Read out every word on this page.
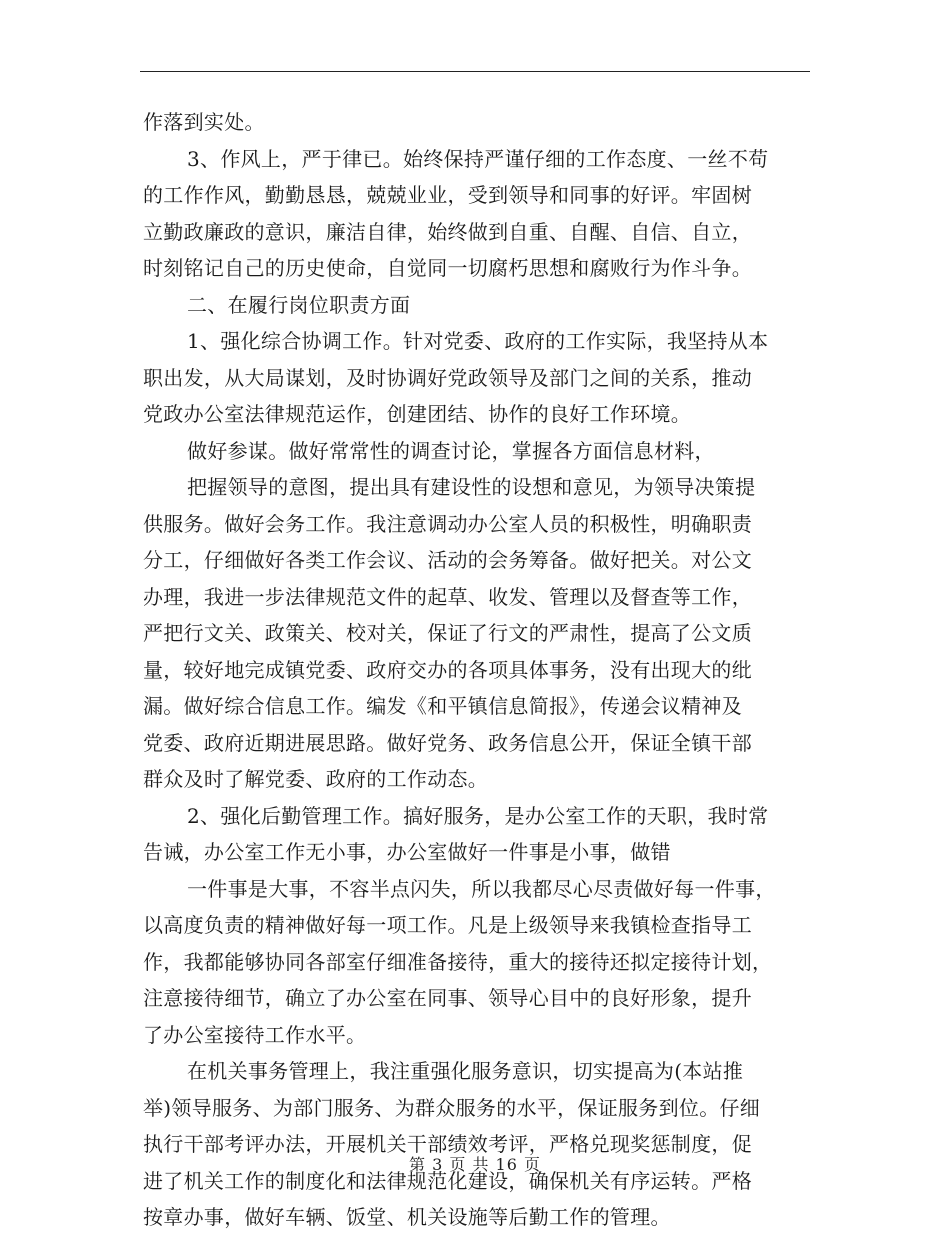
作落到实处。
3、作风上，严于律已。始终保持严谨仔细的工作态度、一丝不苟
的工作作风，勤勤恳恳，兢兢业业，受到领导和同事的好评。牢固树
立勤政廉政的意识，廉洁自律，始终做到自重、自醒、自信、自立，
时刻铭记自己的历史使命，自觉同一切腐朽思想和腐败行为作斗争。
二、在履行岗位职责方面
1、强化综合协调工作。针对党委、政府的工作实际，我坚持从本
职出发，从大局谋划，及时协调好党政领导及部门之间的关系，推动
党政办公室法律规范运作，创建团结、协作的良好工作环境。
做好参谋。做好常常性的调查讨论，掌握各方面信息材料，
把握领导的意图，提出具有建设性的设想和意见，为领导决策提
供服务。做好会务工作。我注意调动办公室人员的积极性，明确职责
分工，仔细做好各类工作会议、活动的会务筹备。做好把关。对公文
办理，我进一步法律规范文件的起草、收发、管理以及督查等工作，
严把行文关、政策关、校对关，保证了行文的严肃性，提高了公文质
量，较好地完成镇党委、政府交办的各项具体事务，没有出现大的纰
漏。做好综合信息工作。编发《和平镇信息简报》，传递会议精神及
党委、政府近期进展思路。做好党务、政务信息公开，保证全镇干部
群众及时了解党委、政府的工作动态。
2、强化后勤管理工作。搞好服务，是办公室工作的天职，我时常
告诫，办公室工作无小事，办公室做好一件事是小事，做错
一件事是大事，不容半点闪失，所以我都尽心尽责做好每一件事，
以高度负责的精神做好每一项工作。凡是上级领导来我镇检查指导工
作，我都能够协同各部室仔细准备接待，重大的接待还拟定接待计划，
注意接待细节，确立了办公室在同事、领导心目中的良好形象，提升
了办公室接待工作水平。
在机关事务管理上，我注重强化服务意识，切实提高为(本站推
举)领导服务、为部门服务、为群众服务的水平，保证服务到位。仔细
执行干部考评办法，开展机关干部绩效考评，严格兑现奖惩制度，促
进了机关工作的制度化和法律规范化建设，确保机关有序运转。严格
按章办事，做好车辆、饭堂、机关设施等后勤工作的管理。
第 3 页 共 16 页
